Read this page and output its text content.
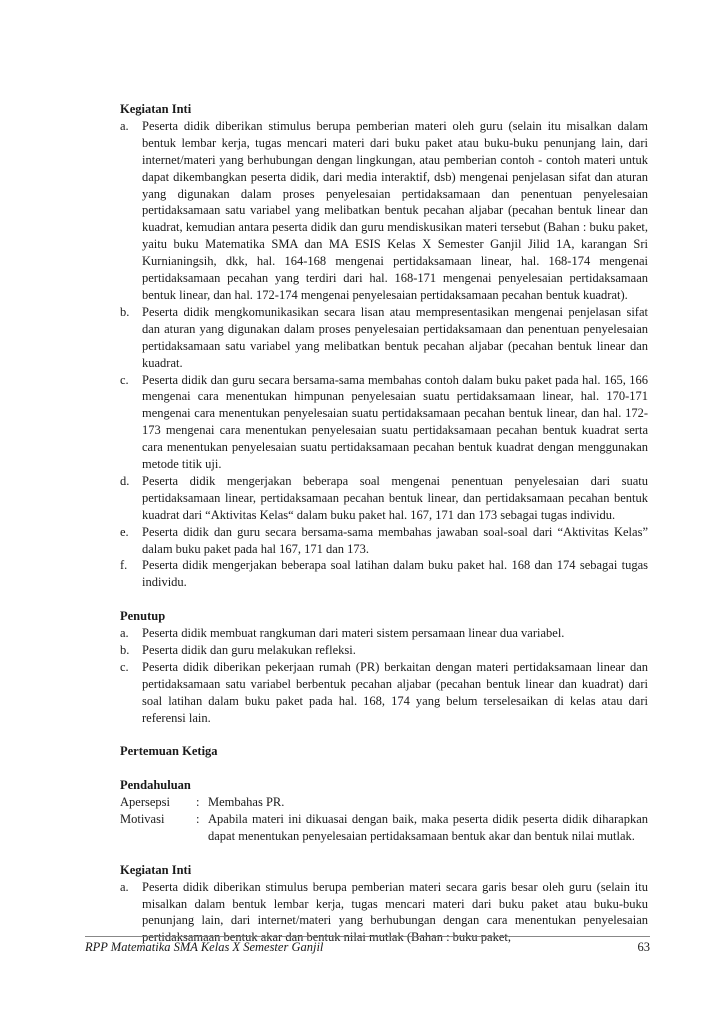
Kegiatan Inti
a.	Peserta didik diberikan stimulus berupa pemberian materi oleh guru (selain itu misalkan dalam bentuk lembar kerja, tugas mencari materi dari buku paket atau buku-buku penunjang lain, dari internet/materi yang berhubungan dengan lingkungan, atau pemberian contoh - contoh materi untuk dapat dikembangkan peserta didik, dari media interaktif, dsb) mengenai penjelasan sifat dan aturan yang digunakan dalam proses penyelesaian pertidaksamaan dan penentuan penyelesaian pertidaksamaan satu variabel yang melibatkan bentuk pecahan aljabar (pecahan bentuk linear dan kuadrat, kemudian antara peserta didik dan guru mendiskusikan materi tersebut (Bahan : buku paket, yaitu buku Matematika SMA dan MA ESIS Kelas X Semester Ganjil Jilid 1A, karangan Sri Kurnianingsih, dkk, hal. 164-168 mengenai pertidaksamaan linear, hal. 168-174 mengenai pertidaksamaan pecahan yang terdiri dari hal. 168-171 mengenai penyelesaian pertidaksamaan bentuk linear, dan hal. 172-174 mengenai penyelesaian pertidaksamaan pecahan bentuk kuadrat).
b.	Peserta didik mengkomunikasikan secara lisan atau mempresentasikan mengenai penjelasan sifat dan aturan yang digunakan dalam proses penyelesaian pertidaksamaan dan penentuan penyelesaian pertidaksamaan satu variabel yang melibatkan bentuk pecahan aljabar (pecahan bentuk linear dan kuadrat.
c.	Peserta didik dan guru secara bersama-sama membahas contoh dalam buku paket pada hal. 165, 166 mengenai cara menentukan himpunan penyelesaian suatu pertidaksamaan linear, hal. 170-171 mengenai cara menentukan penyelesaian suatu pertidaksamaan pecahan bentuk linear, dan hal. 172-173 mengenai cara menentukan penyelesaian suatu pertidaksamaan pecahan bentuk kuadrat serta cara menentukan penyelesaian suatu pertidaksamaan pecahan bentuk kuadrat dengan menggunakan metode titik uji.
d.	Peserta didik mengerjakan beberapa soal mengenai penentuan penyelesaian dari suatu pertidaksamaan linear, pertidaksamaan pecahan bentuk linear, dan pertidaksamaan pecahan bentuk kuadrat dari “Aktivitas Kelas“ dalam buku paket hal. 167, 171 dan 173 sebagai tugas individu.
e.	Peserta didik dan guru secara bersama-sama membahas jawaban soal-soal dari “Aktivitas Kelas” dalam buku paket pada hal 167, 171 dan 173.
f.	Peserta didik mengerjakan beberapa soal latihan dalam buku paket hal. 168 dan 174 sebagai tugas individu.
Penutup
a.	Peserta didik membuat rangkuman dari materi sistem persamaan linear dua variabel.
b.	Peserta didik dan guru melakukan refleksi.
c.	Peserta didik diberikan pekerjaan rumah (PR) berkaitan dengan materi pertidaksamaan linear dan pertidaksamaan satu variabel berbentuk pecahan aljabar (pecahan bentuk linear dan kuadrat) dari soal latihan dalam buku paket pada hal. 168, 174 yang belum terselesaikan di kelas atau dari referensi lain.
Pertemuan Ketiga
Pendahuluan
Apersepsi	: Membahas PR.
Motivasi	: Apabila materi ini dikuasai dengan baik, maka peserta didik peserta didik diharapkan dapat menentukan penyelesaian pertidaksamaan bentuk akar dan bentuk nilai mutlak.
Kegiatan Inti
a.	Peserta didik diberikan stimulus berupa pemberian materi secara garis besar oleh guru (selain itu misalkan dalam bentuk lembar kerja, tugas mencari materi dari buku paket atau buku-buku penunjang lain, dari internet/materi yang berhubungan dengan cara menentukan penyelesaian pertidaksamaan bentuk akar dan bentuk nilai mutlak (Bahan : buku paket,
RPP Matematika SMA Kelas X Semester Ganjil	63
